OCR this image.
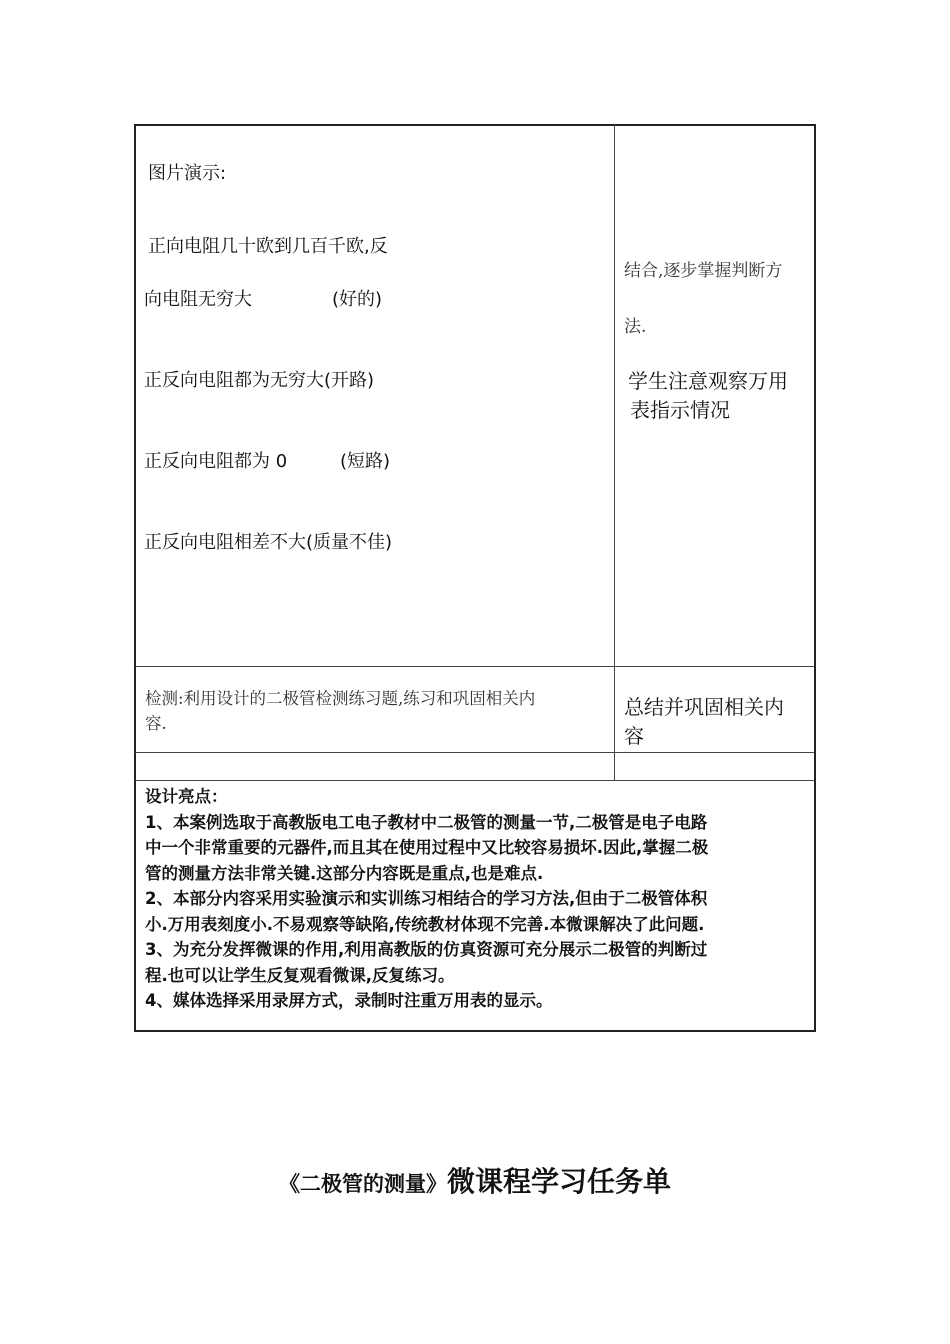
图片演示:
正向电阻几十欧到几百千欧,反
向电阻无穷大	(好的)
正反向电阻都为无穷大(开路)
正反向电阻都为 0	(短路)
正反向电阻相差不大(质量不佳)
检测:利用设计的二极管检测练习题,练习和巩固相关内
容.
结合,逐步掌握判断方
法.
学生注意观察万用
表指示情况
总结并巩固相关内
容
设计亮点：
1、本案例选取于高教版电工电子教材中二极管的测量一节,二极管是电子电路
中一个非常重要的元器件,而且其在使用过程中又比较容易损坏.因此,掌握二极
管的测量方法非常关键.这部分内容既是重点,也是难点.
2、本部分内容采用实验演示和实训练习相结合的学习方法,但由于二极管体积
小.万用表刻度小.不易观察等缺陷,传统教材体现不完善.本微课解决了此问题.
3、为充分发挥微课的作用,利用高教版的仿真资源可充分展示二极管的判断过
程.也可以让学生反复观看微课,反复练习。
4、媒体选择采用录屏方式，录制时注重万用表的显示。
《二极管的测量》微课程学习任务单
